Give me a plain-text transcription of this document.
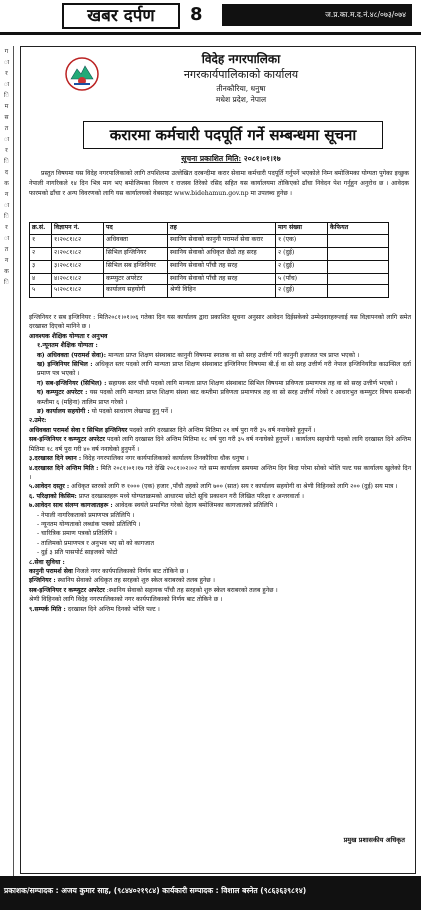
खबर दर्पण	8	ज.प्र.का.म.द.नं.४८/०७३/०७४
ग
ा
र
ा
ि
म
स
त
ा
र
ि
द
क
न
ा
ि
र
ा
त
न
क
ि
विदेह नगरपालिका
नगरकार्यपालिकाको कार्यालय
तीनकौरिया, धनुषा
मधेश प्रदेश, नेपाल
करारमा कर्मचारी पदपूर्ति गर्ने सम्बन्धमा सूचना
सूचना प्रकाशित मिति: २०८१।०१।१७

प्रस्तुत विषयमा यस विदेह नगरपालिकाको लागि तपशिलमा उल्लेखित दरबन्दीमा करार सेवामा कर्मचारी पदपूर्ति गर्नुपर्ने भएकोले निम्न बमोजिमका योग्यता पुगेका इच्छुक नेपाली नागरिकले १४ दिन भित्र माग भए बमोजिमका विवरण र राजस्व तिरेको रसिद सहित यस कार्यालयमा तोकिएको ढाँचा निवेदन पेश गर्नुहुन अनुरोध छ । आवेदक फारमको ढाँचा र अन्य विवरणको लागि यस कार्यालयको वेबसाइट www.bidehamun.gov.np मा उपलब्ध हुनेछ ।

क्र.सं.	विज्ञापन नं.	पद	तह	माग संख्या	कैफियत
१	१।२०८१।८२	अधिवक्ता	स्थानिय सेवाको कानुनी परामर्श सेवा करार	१ (एक)	
२	२।२०८१।८२	सिभिल इन्जिनियर	स्थानिय सेवाको अधिकृत छैठो तह सरह	२ (दुई)	
३	३।२०८१।८२	सिभिल सब इन्जिनियर	स्थानिय सेवाको पाँचौ तह सरह	२ (दुई)	
४	४।२०८१।८२	कम्प्युटर अपरेटर	स्थानिय सेवाको पाँचौ तह सरह	५ (पाँच)	
५	५।२०८१।८२	कार्यालय सहयोगी	श्रेणी विहिन	२ (दुई)	

इन्जिनियर र सब इन्जिनियर : मिति२०८१।०१।०६ गतेका दिन यस कार्यालय द्वारा प्रकाशित सूचना अनुसार आवेदन दिईसकेको उम्मेदवारहरूलाई यस विज्ञापनको लागि समेत दरखास्त दिएको मानिने छ ।

आवश्यक शैक्षिक योग्यता र अनुभव

१.न्यूनतम शैक्षिक योग्यता :

क) अधिवक्ता (परामर्श सेवा): मान्यता प्राप्त शिक्षण संस्थाबाट कानुनी विषयमा स्नातक वा सो सरह उत्तीर्ण गरी कानुनी इजाजत पत्र प्राप्त भएको ।

ख) इन्जिनियर सिभिल : अधिकृत स्तर पदको लागि मान्यता प्राप्त शिक्षण संस्थाबाट इन्जिनियर विषयमा बी.ई वा सो सरह उत्तीर्ण गरी नेपाल इन्जिनियरिङ काउन्सिल दर्ता प्रमाण पत्र भएको ।

ग) सब-इन्जिनियर (सिभिल) : सहायक स्तर पाँचौ पदको लागि मान्यता प्राप्त शिक्षण संस्थाबाट सिभिल विषयमा प्रविणता प्रमाणपत्र तह वा सो सरह उत्तीर्ण भएको ।

घ) कम्प्युटर अपरेटर : यस पदको लागि मान्यता प्राप्त शिक्षण संस्था बाट कम्तीमा प्रविणता प्रमाणपत्र तह वा सो सरह उत्तीर्ण गरेको र आधारभुत कम्प्युटर विषय सम्बन्धी कम्तीमा ६ (महिना) तालिम प्राप्त गरेको ।

ङ) कार्यालय सहयोगी : यो पदको साधारण लेखपढ हुनु पर्ने ।

२.उमेर:

अधिवक्ता परामर्श सेवा र सिभिल इन्जिनियर पदको लागि दरखास्त दिने अन्तिम मितिमा २१ वर्ष पुरा गरी ३५ वर्ष ननाघेको हुनुपर्ने ।

सब-इन्जिनियर र कम्प्युटर अपरेटर पदको लागि दरखास्त दिने अन्तिम मितिमा १८ वर्ष पुरा गरी ३५ वर्ष ननाघेको हुनुपर्ने । कार्यालय सहयोगी पदको लागि दरखास्त दिने अन्तिम मितिमा १८ वर्ष पुरा गरी ४० वर्ष ननाघेको हुनुपर्ने ।

३.दरखास्त दिने स्थान : विदेह नगरपालिका नगर कार्यपालिकाको कार्यालय तिनकौरिया धौक धनुषा ।

४.दरखास्त दिने अन्तिम मिति : मिति २०८१।०१।१७ गते देखि २०८१।०२।०२ गते सम्म कार्यालय समयमा अन्तिम दिन बिदा परेमा सोको भोलि पल्ट यस कार्यालय खुलेको दिन ।

५.आवेदन दस्तुर : अधिकृत स्तरको लागि रु १००० (एक) हजार ,पाँचौ तहको लागि ७०० (सात) सय र कार्यालय सहयोगी वा श्रेणी विहिनको लागि २०० (दुई) सय मात्र ।

६. परिक्षाको किसिम: प्राप्त दरखास्तहरू मध्ये योग्यताक्रमको आधारमा छोटो सूचि प्रकाशन गरी लिखित परिक्षा र अन्तरवार्ता ।

७.आवेदन साथ संलग्न कागजातहरू : आवेदक स्वयंले प्रमाणित गरेको देहाय बमोजिमका कागजातको प्रतिलिपि ।

- नेपाली नागरिकताको प्रमाणपत्र प्रतिलिपि ।

- न्यूनतम योग्यताको लब्धांक पत्रको प्रतिलिपि ।

- चारित्रिक प्रमाण पत्रको प्रतिलिपि ।

- तालिमको प्रमाणपत्र र अनुभव भए सो को कागजात

- दुई ३ प्रति पासपोर्ट साइजको फोटो

८.सेवा सुविधा :

कानुनी परामर्श सेवा निजले नगर कार्यपालिकाको निर्णय बाट तोकिने छ ।

इन्जिनियर : स्थानिय सेवाको अधिकृत तह सरहको शुरु स्केल बराबरको तलब हुनेछ ।

सब-इन्जिनियर र कम्प्युटर अपरेटर :स्थानिय सेवाको सहायक पाँचौ तह सरहको शुरु स्केल बराबरको तलब हुनेछ ।

श्रेणी विहिनको लागि विदेह नगरपालिकाको नगर कार्यपालिकाको निर्णय बाट तोकिने छ ।

९.सम्पर्क मिति : दरखास्त दिने अन्तिम दिनको भोलि पल्ट ।

प्रमुख प्रशासकीय अधिकृत
प्रकाशक/सम्पादक : अजय कुमार साह, (९८४४०२१९८४) कार्यकारी सम्पादक : विशाल बस्नेत (९८६३६३९८१४)
